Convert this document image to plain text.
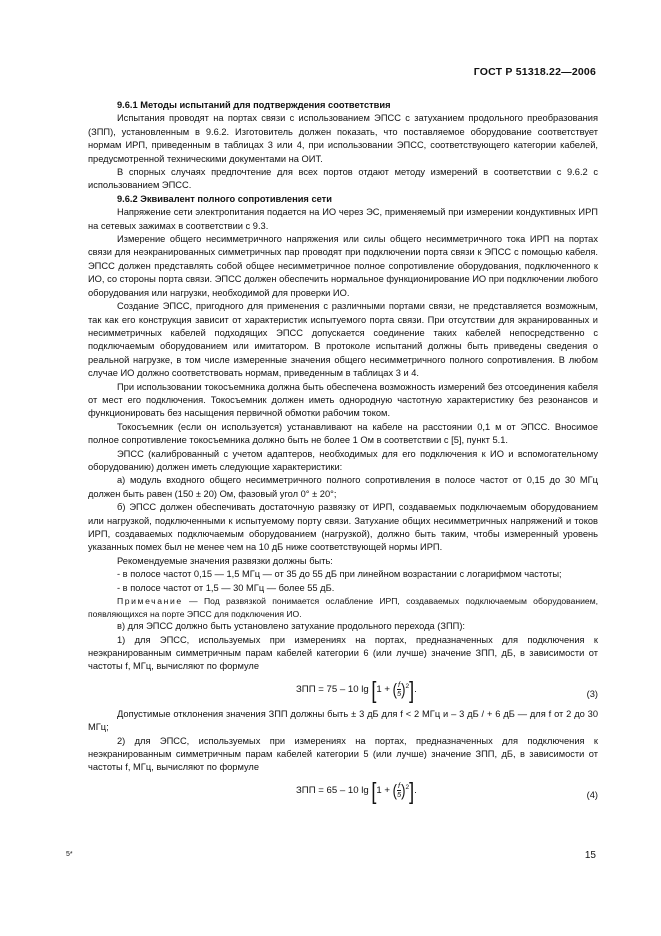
ГОСТ Р 51318.22—2006

9.6.1 Методы испытаний для подтверждения соответствия

Испытания проводят на портах связи с использованием ЭПСС с затуханием продольного преобразования (ЗПП), установленным в 9.6.2. Изготовитель должен показать, что поставляемое оборудование соответствует нормам ИРП, приведенным в таблицах 3 или 4, при использовании ЭПСС, соответствующего категории кабелей, предусмотренной техническими документами на ОИТ.

В спорных случаях предпочтение для всех портов отдают методу измерений в соответствии с 9.6.2 с использованием ЭПСС.

9.6.2 Эквивалент полного сопротивления сети

Напряжение сети электропитания подается на ИО через ЭС, применяемый при измерении кондуктивных ИРП на сетевых зажимах в соответствии с 9.3.

Измерение общего несимметричного напряжения или силы общего несимметричного тока ИРП на портах связи для неэкранированных симметричных пар проводят при подключении порта связи к ЭПСС с помощью кабеля. ЭПСС должен представлять собой общее несимметричное полное сопротивление оборудования, подключенного к ИО, со стороны порта связи. ЭПСС должен обеспечить нормальное функционирование ИО при подключении любого оборудования или нагрузки, необходимой для проверки ИО.

Создание ЭПСС, пригодного для применения с различными портами связи, не представляется возможным, так как его конструкция зависит от характеристик испытуемого порта связи. При отсутствии для экранированных и несимметричных кабелей подходящих ЭПСС допускается соединение таких кабелей непосредственно с подключаемым оборудованием или имитатором. В протоколе испытаний должны быть приведены сведения о реальной нагрузке, в том числе измеренные значения общего несимметричного полного сопротивления. В любом случае ИО должно соответствовать нормам, приведенным в таблицах 3 и 4.

При использовании токосъемника должна быть обеспечена возможность измерений без отсоединения кабеля от мест его подключения. Токосъемник должен иметь однородную частотную характеристику без резонансов и функционировать без насыщения первичной обмотки рабочим током.

Токосъемник (если он используется) устанавливают на кабеле на расстоянии 0,1 м от ЭПСС. Вносимое полное сопротивление токосъемника должно быть не более 1 Ом в соответствии с [5], пункт 5.1.

ЭПСС (калиброванный с учетом адаптеров, необходимых для его подключения к ИО и вспомогательному оборудованию) должен иметь следующие характеристики:

а) модуль входного общего несимметричного полного сопротивления в полосе частот от 0,15 до 30 МГц должен быть равен (150 ± 20) Ом, фазовый угол 0° ± 20°;

б) ЭПСС должен обеспечивать достаточную развязку от ИРП, создаваемых подключаемым оборудованием или нагрузкой, подключенными к испытуемому порту связи. Затухание общих несимметричных напряжений и токов ИРП, создаваемых подключаемым оборудованием (нагрузкой), должно быть таким, чтобы измеренный уровень указанных помех был не менее чем на 10 дБ ниже соответствующей нормы ИРП.

Рекомендуемые значения развязки должны быть:

- в полосе частот 0,15 — 1,5 МГц — от 35 до 55 дБ при линейном возрастании с логарифмом частоты;

- в полосе частот от 1,5 — 30 МГц — более 55 дБ.

Примечание — Под развязкой понимается ослабление ИРП, создаваемых подключаемым оборудованием, появляющихся на порте ЭПСС для подключения ИО.

в) для ЭПСС должно быть установлено затухание продольного перехода (ЗПП):

1) для ЭПСС, используемых при измерениях на портах, предназначенных для подключения к неэкранированным симметричным парам кабелей категории 6 (или лучше) значение ЗПП, дБ, в зависимости от частоты f, МГц, вычисляют по формуле

ЗПП = 75 – 10 lg [1 + ( $\frac{f}{5} )^2$].	(3)

Допустимые отклонения значения ЗПП должны быть ± 3 дБ для f < 2 МГц и – 3 дБ / + 6 дБ — для f от 2 до 30 МГц;

2) для ЭПСС, используемых при измерениях на портах, предназначенных для подключения к неэкранированным симметричным парам кабелей категории 5 (или лучше) значение ЗПП, дБ, в зависимости от частоты f, МГц, вычисляют по формуле

ЗПП = 65 – 10 lg [1 + ( $\frac{f}{5} )^2$].	(4)
5*	15
